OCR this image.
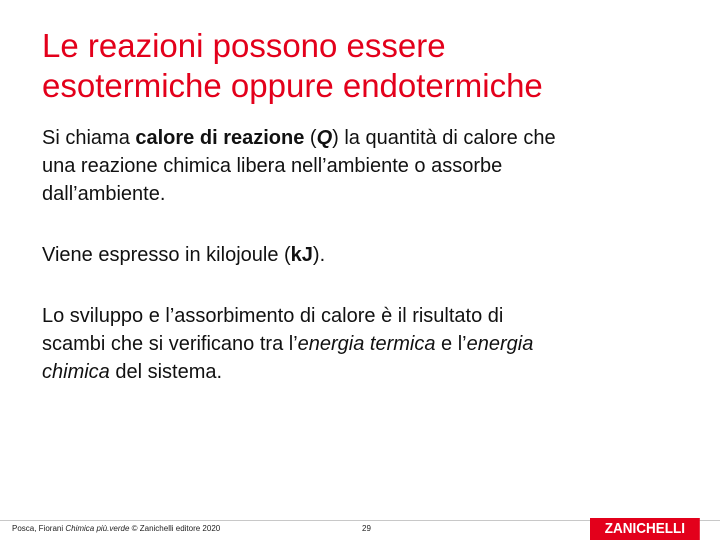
Le reazioni possono essere
esotermiche oppure endotermiche

Si chiama calore di reazione (Q) la quantità di calore che
una reazione chimica libera nell’ambiente o assorbe
dall’ambiente.

Viene espresso in kilojoule (kJ).

Lo sviluppo e l’assorbimento di calore è il risultato di
scambi che si verificano tra l’energia termica e l’energia
chimica del sistema.

Posca, Fiorani Chimica più.verde © Zanichelli editore 2020	29	ZANICHELLI
